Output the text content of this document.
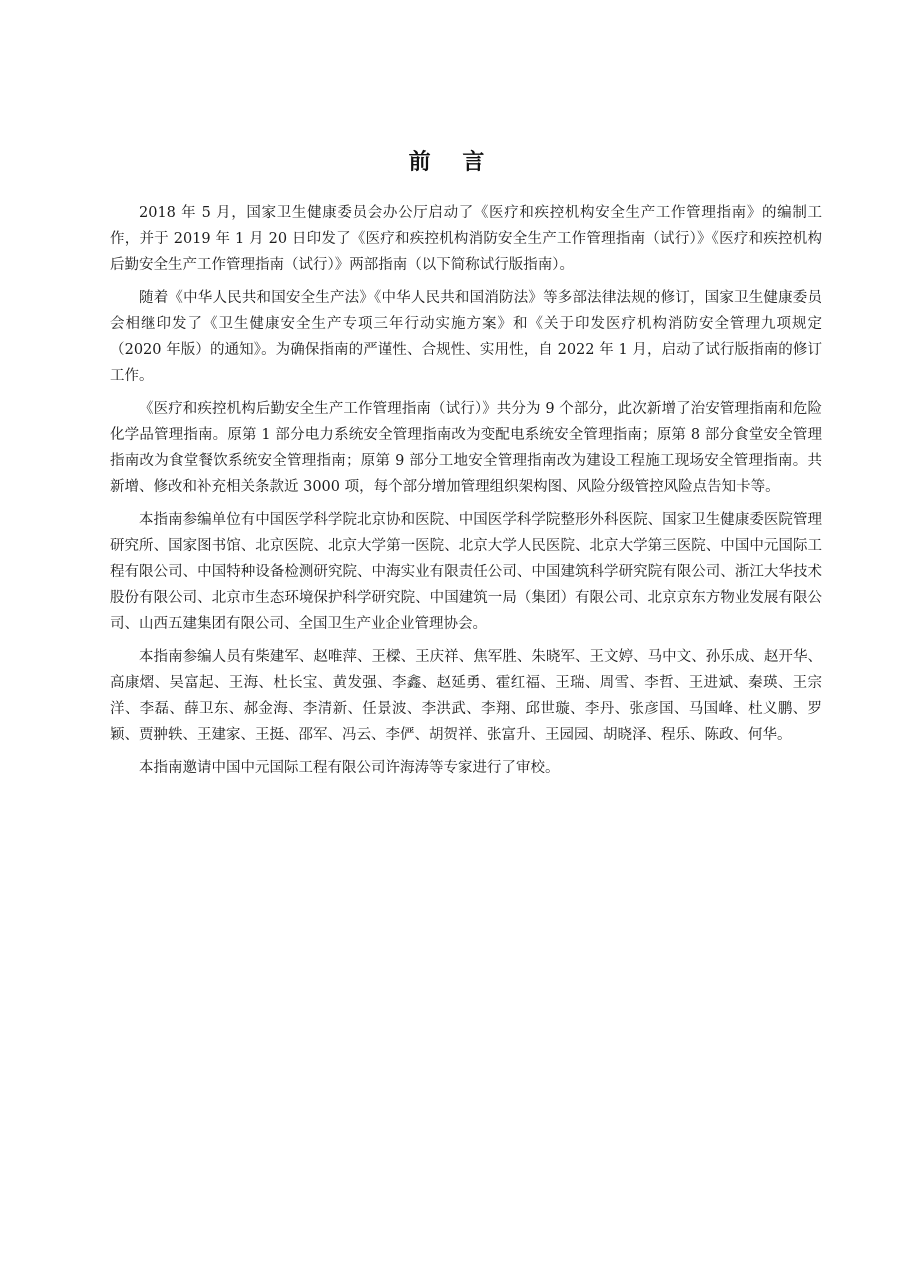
前 言

2018 年 5 月，国家卫生健康委员会办公厅启动了《医疗和疾控机构安全生产工作管理指南》的编制工作，并于 2019 年 1 月 20 日印发了《医疗和疾控机构消防安全生产工作管理指南（试行）》《医疗和疾控机构后勤安全生产工作管理指南（试行）》两部指南（以下简称试行版指南）。

随着《中华人民共和国安全生产法》《中华人民共和国消防法》等多部法律法规的修订，国家卫生健康委员会相继印发了《卫生健康安全生产专项三年行动实施方案》和《关于印发医疗机构消防安全管理九项规定（2020 年版）的通知》。为确保指南的严谨性、合规性、实用性，自 2022 年 1 月，启动了试行版指南的修订工作。

《医疗和疾控机构后勤安全生产工作管理指南（试行）》共分为 9 个部分，此次新增了治安管理指南和危险化学品管理指南。原第 1 部分电力系统安全管理指南改为变配电系统安全管理指南；原第 8 部分食堂安全管理指南改为食堂餐饮系统安全管理指南；原第 9 部分工地安全管理指南改为建设工程施工现场安全管理指南。共新增、修改和补充相关条款近 3000 项，每个部分增加管理组织架构图、风险分级管控风险点告知卡等。

本指南参编单位有中国医学科学院北京协和医院、中国医学科学院整形外科医院、国家卫生健康委医院管理研究所、国家图书馆、北京医院、北京大学第一医院、北京大学人民医院、北京大学第三医院、中国中元国际工程有限公司、中国特种设备检测研究院、中海实业有限责任公司、中国建筑科学研究院有限公司、浙江大华技术股份有限公司、北京市生态环境保护科学研究院、中国建筑一局（集团）有限公司、北京京东方物业发展有限公司、山西五建集团有限公司、全国卫生产业企业管理协会。

本指南参编人员有柴建军、赵唯萍、王樑、王庆祥、焦军胜、朱晓军、王文婷、马中文、孙乐成、赵开华、高康熠、吴富起、王海、杜长宝、黄发强、李鑫、赵延勇、霍红福、王瑞、周雪、李哲、王进斌、秦瑛、王宗洋、李磊、薛卫东、郝金海、李清新、任景波、李洪武、李翔、邱世璇、李丹、张彦国、马国峰、杜义鹏、罗颖、贾翀轶、王建家、王挺、邵军、冯云、李俨、胡贺祥、张富升、王园园、胡晓泽、程乐、陈政、何华。

本指南邀请中国中元国际工程有限公司许海涛等专家进行了审校。
